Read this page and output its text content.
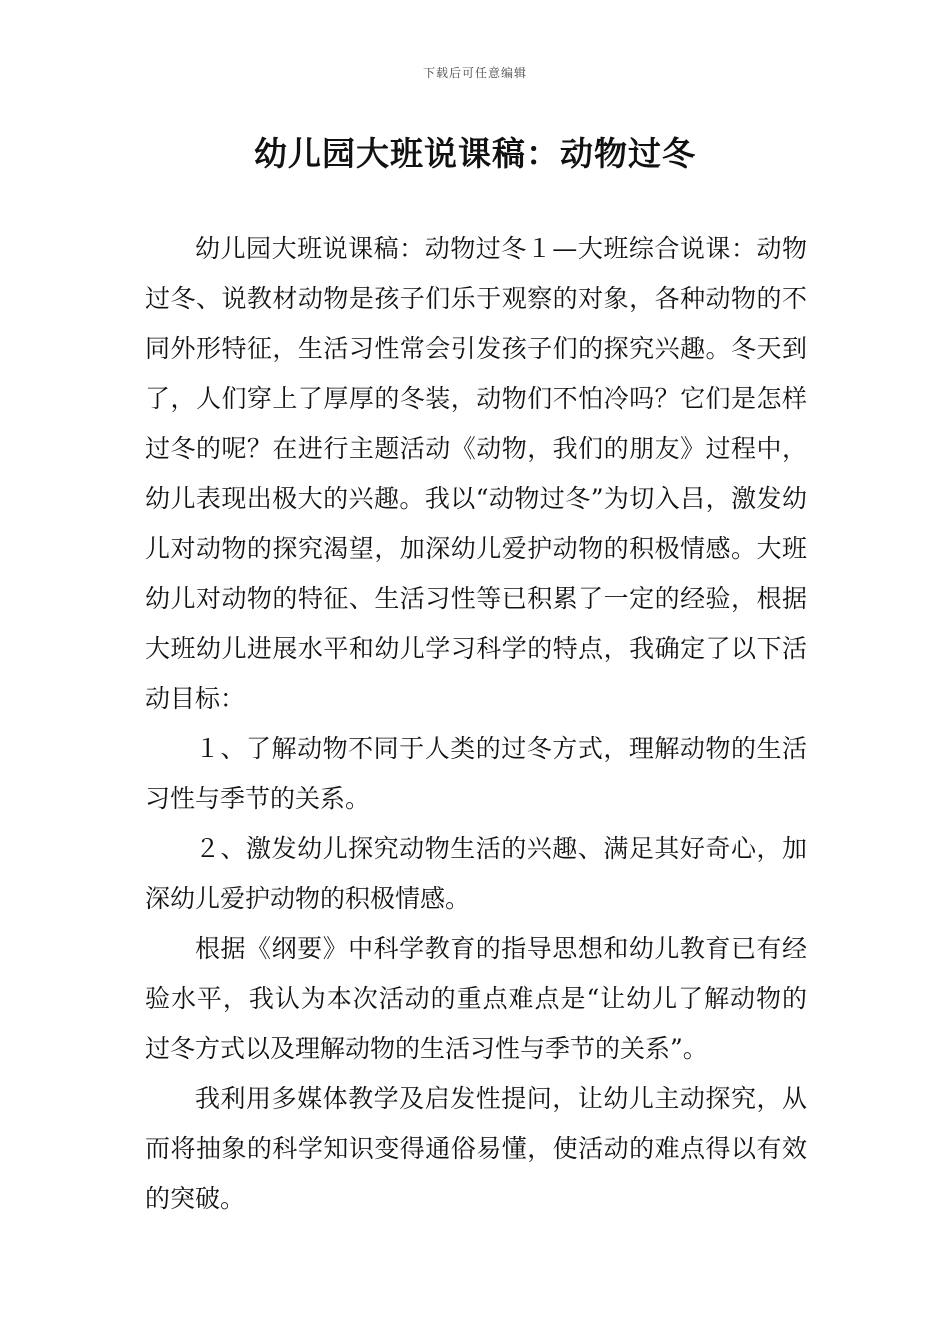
下载后可任意编辑
幼儿园大班说课稿：动物过冬

幼儿园大班说课稿：动物过冬１—大班综合说课：动物过冬、说教材动物是孩子们乐于观察的对象，各种动物的不同外形特征，生活习性常会引发孩子们的探究兴趣。冬天到了，人们穿上了厚厚的冬装，动物们不怕冷吗？它们是怎样过冬的呢？在进行主题活动《动物，我们的朋友》过程中，幼儿表现出极大的兴趣。我以“动物过冬”为切入吕，激发幼儿对动物的探究渴望，加深幼儿爱护动物的积极情感。大班幼儿对动物的特征、生活习性等已积累了一定的经验，根据大班幼儿进展水平和幼儿学习科学的特点，我确定了以下活动目标：

１、了解动物不同于人类的过冬方式，理解动物的生活习性与季节的关系。

２、激发幼儿探究动物生活的兴趣、满足其好奇心，加深幼儿爱护动物的积极情感。

根据《纲要》中科学教育的指导思想和幼儿教育已有经验水平，我认为本次活动的重点难点是“让幼儿了解动物的过冬方式以及理解动物的生活习性与季节的关系”。

我利用多媒体教学及启发性提问，让幼儿主动探究，从而将抽象的科学知识变得通俗易懂，使活动的难点得以有效的突破。
